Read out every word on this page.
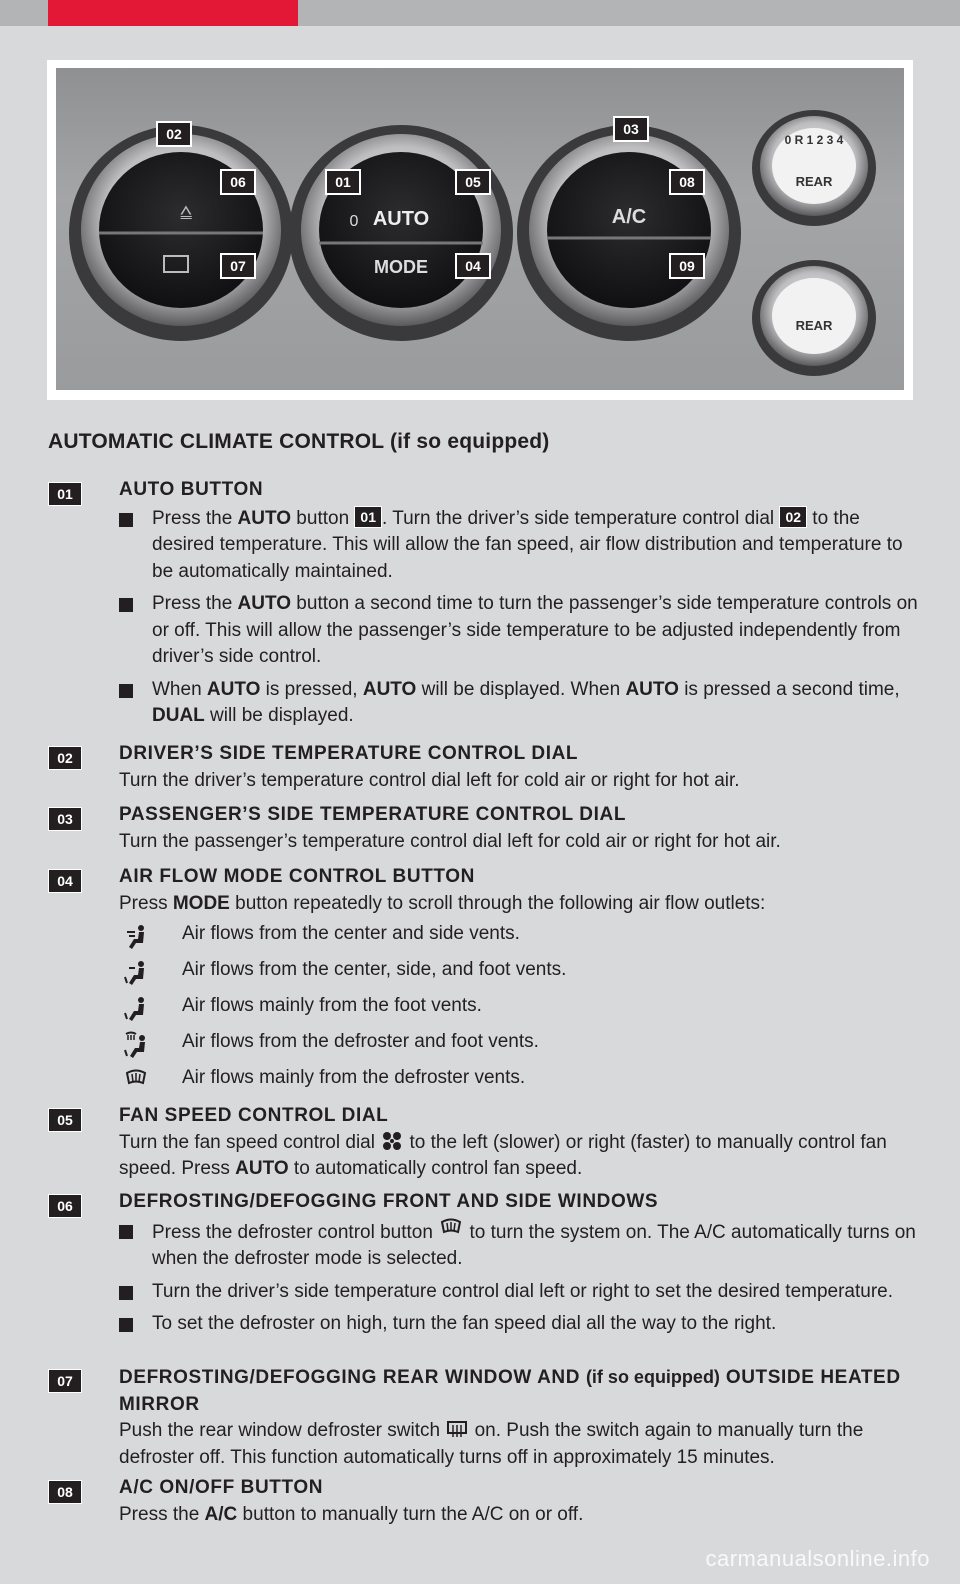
⩠	0 AUTO
MODE
A/C
0 R 1 2 3 4
REAR
REAR
02
06
07
01	05
04
03
08
09
AUTOMATIC CLIMATE CONTROL (if so equipped)
01	AUTO BUTTON
Press the AUTO button 01 . Turn the driver’s side temperature control dial 02 to the desired temperature. This will allow the fan speed, air flow distribution and temperature to be automatically maintained.
Press the AUTO button a second time to turn the passenger’s side temperature controls on or off. This will allow the passenger’s side temperature to be adjusted independently from driver’s side control.
When AUTO is pressed, AUTO will be displayed. When AUTO is pressed a second time, DUAL will be displayed.
02	DRIVER’S SIDE TEMPERATURE CONTROL DIAL
Turn the driver’s temperature control dial left for cold air or right for hot air.
03	PASSENGER’S SIDE TEMPERATURE CONTROL DIAL
Turn the passenger’s temperature control dial left for cold air or right for hot air.
04	AIR FLOW MODE CONTROL BUTTON
Press MODE button repeatedly to scroll through the following air flow outlets:
Air flows from the center and side vents.
Air flows from the center, side, and foot vents.
Air flows mainly from the foot vents.
Air flows from the defroster and foot vents.
Air flows mainly from the defroster vents.
05	FAN SPEED CONTROL DIAL
Turn the fan speed control dial  to the left (slower) or right (faster) to manually control fan speed. Press AUTO to automatically control fan speed.
06	DEFROSTING/DEFOGGING FRONT AND SIDE WINDOWS
Press the defroster control button  to turn the system on. The A/C automatically turns on when the defroster mode is selected.
Turn the driver’s side temperature control dial left or right to set the desired temperature.
To set the defroster on high, turn the fan speed dial all the way to the right.
07	DEFROSTING/DEFOGGING REAR WINDOW AND (if so equipped) OUTSIDE HEATED MIRROR
Push the rear window defroster switch  on. Push the switch again to manually turn the defroster off. This function automatically turns off in approximately 15 minutes.
08	A/C ON/OFF BUTTON
Press the A/C button to manually turn the A/C on or off.
carmanualsonline.info
